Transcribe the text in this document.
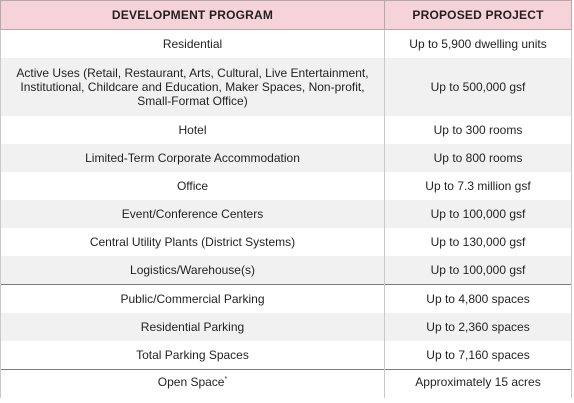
DEVELOPMENT PROGRAM	PROPOSED PROJECT
Residential	Up to 5,900 dwelling units
Active Uses (Retail, Restaurant, Arts, Cultural, Live Entertainment, Institutional, Childcare and Education, Maker Spaces, Non-profit, Small-Format Office)	Up to 500,000 gsf
Hotel	Up to 300 rooms
Limited-Term Corporate Accommodation	Up to 800 rooms
Office	Up to 7.3 million gsf
Event/Conference Centers	Up to 100,000 gsf
Central Utility Plants (District Systems)	Up to 130,000 gsf
Logistics/Warehouse(s)	Up to 100,000 gsf
Public/Commercial Parking	Up to 4,800 spaces
Residential Parking	Up to 2,360 spaces
Total Parking Spaces	Up to 7,160 spaces
Open Space*	Approximately 15 acres
